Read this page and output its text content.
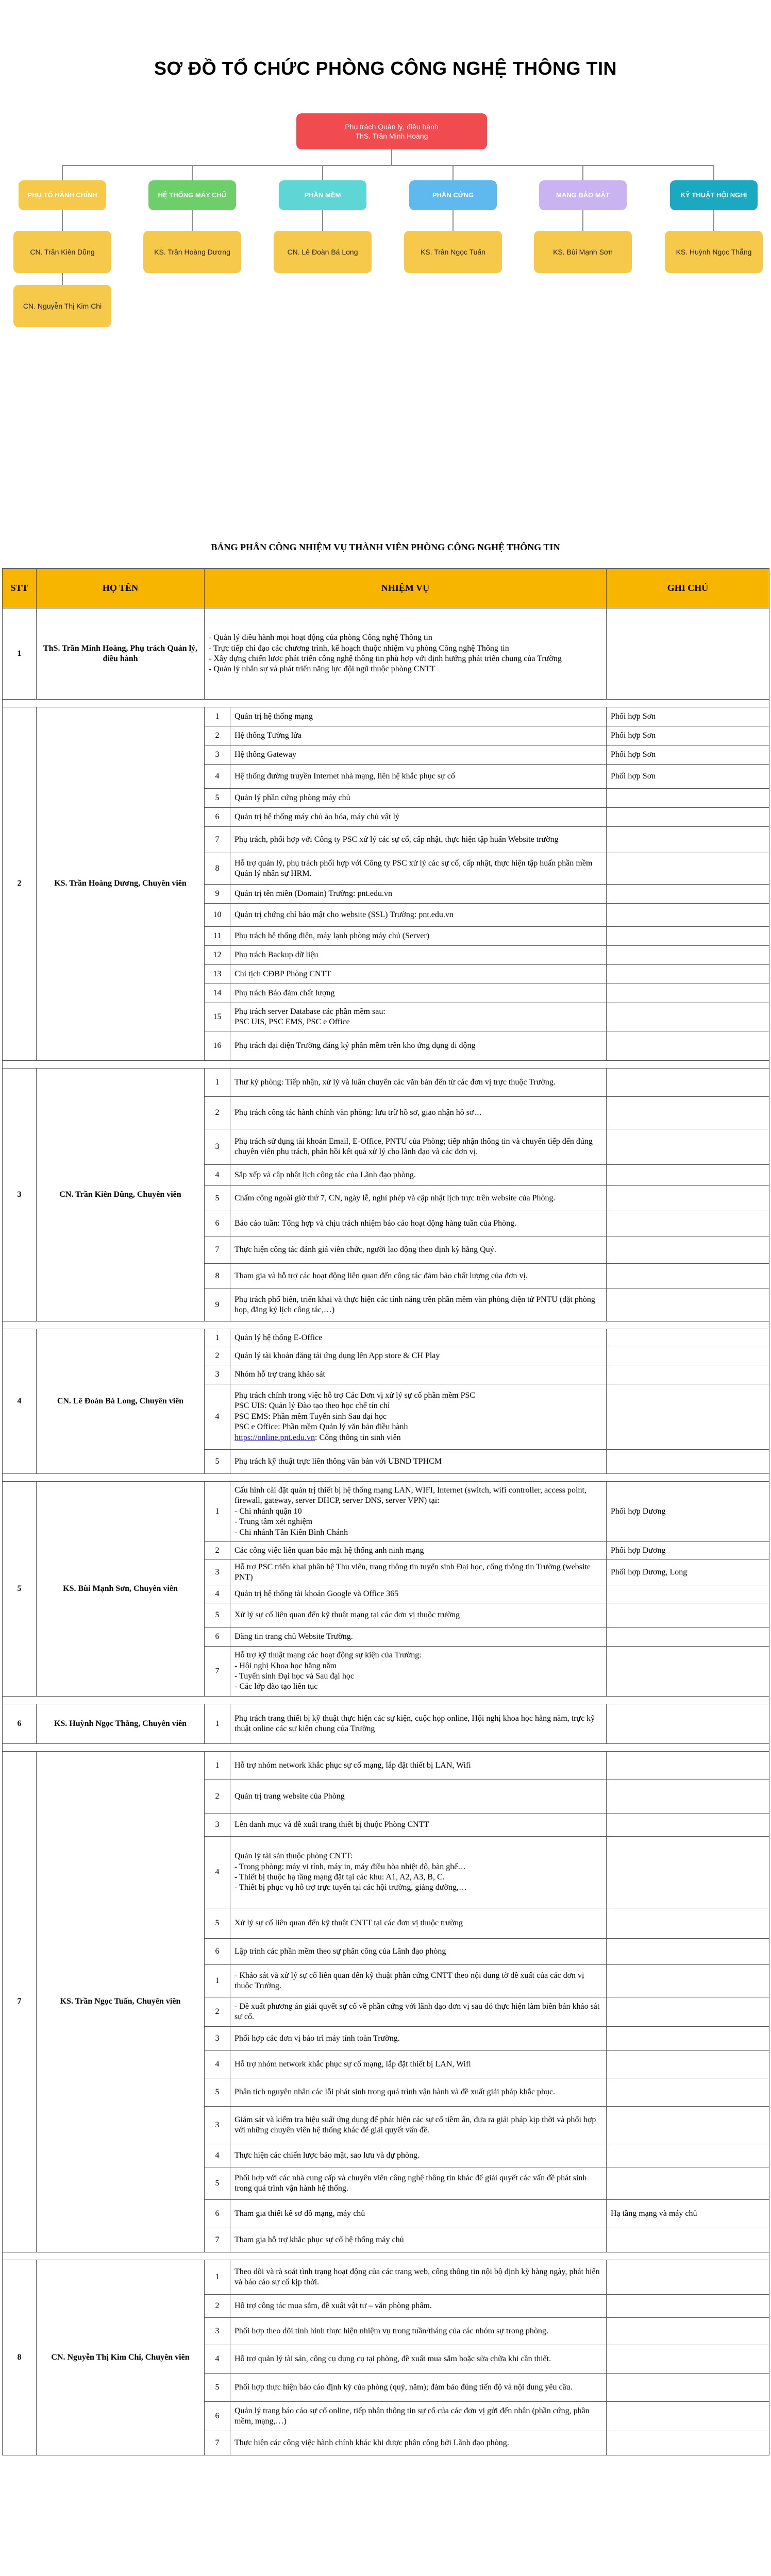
SƠ ĐỒ TỔ CHỨC PHÒNG CÔNG NGHỆ THÔNG TIN
Phụ trách Quản lý, điều hành
ThS. Trần Minh Hoàng
PHỤ TỐ HÀNH CHÍNH	HỆ THỐNG MÁY CHỦ	PHẦN MỀM	PHẦN CỨNG	MẠNG BẢO MẬT	KỸ THUẬT HỘI NGHỊ
CN. Trần Kiên Dũng
CN. Nguyễn Thị Kim Chi
KS. Trần Hoàng Dương	CN. Lê Đoàn Bá Long	KS. Trần Ngọc Tuấn	KS. Bùi Mạnh Sơn	KS. Huỳnh Ngọc Thắng
BẢNG PHÂN CÔNG NHIỆM VỤ THÀNH VIÊN PHÒNG CÔNG NGHỆ THÔNG TIN
STT	HỌ TÊN	NHIỆM VỤ		GHI CHÚ
1	ThS. Trần Minh Hoàng, Phụ trách Quản lý, điều hành	- Quản lý điều hành mọi hoạt động của phòng Công nghệ Thông tin
- Trực tiếp chỉ đạo các chương trình, kế hoạch thuộc nhiệm vụ phòng Công nghệ Thông tin
- Xây dựng chiến lược phát triển công nghệ thông tin phù hợp với định hướng phát triển chung của Trường
- Quản lý nhân sự và phát triển năng lực đội ngũ thuộc phòng CNTT		

2	KS. Trần Hoàng Dương, Chuyên viên	1	Quản trị hệ thống mạng	Phối hợp Sơn
		2	Hệ thống Tường lửa	Phối hợp Sơn
		3	Hệ thống Gateway	Phối hợp Sơn
		4	Hệ thống đường truyền Internet nhà mạng, liên hệ khắc phục sự cố	Phối hợp Sơn
		5	Quản lý phần cứng phòng máy chủ	
		6	Quản trị hệ thống máy chủ ảo hóa, máy chủ vật lý	
		7	Phụ trách, phối hợp với Công ty PSC xử lý các sự cố, cấp nhật, thực hiện tập huấn Website trường	
		8	Hỗ trợ quản lý, phụ trách phối hợp với Công ty PSC xử lý các sự cố, cấp nhật, thực hiện tập huấn phần mềm Quản lý nhân sự HRM.	
		9	Quản trị tên miền (Domain) Trường: pnt.edu.vn	
		10	Quản trị chứng chỉ bảo mật cho website (SSL) Trường: pnt.edu.vn	
		11	Phụ trách hệ thống điện, máy lạnh phòng máy chủ (Server)	
		12	Phụ trách Backup dữ liệu	
		13	Chỉ tịch CĐBP Phòng CNTT	
		14	Phụ trách Báo đảm chất lượng	
		15	Phụ trách server Database các phần mềm sau:
PSC UIS, PSC EMS, PSC e Office	
		16	Phụ trách đại diện Trường đăng ký phần mềm trên kho ứng dụng di động	

3	CN. Trần Kiên Dũng, Chuyên viên	1	Thư ký phòng: Tiếp nhận, xử lý và luân chuyển các văn bản đến từ các đơn vị trực thuộc Trường.	
		2	Phụ trách công tác hành chính văn phòng: lưu trữ hồ sơ, giao nhận hồ sơ…	
		3	Phụ trách sử dụng tài khoản Email, E-Office, PNTU của Phòng; tiếp nhận thông tin và chuyển tiếp đến đúng chuyên viên phụ trách, phản hồi kết quả xử lý cho lãnh đạo và các đơn vị.	
		4	Sắp xếp và cập nhật lịch công tác của Lãnh đạo phòng.	
		5	Chấm công ngoài giờ thứ 7, CN, ngày lễ, nghỉ phép và cập nhật lịch trực trên website của Phòng.	
		6	Báo cáo tuần: Tổng hợp và chịu trách nhiệm báo cáo hoạt động hàng tuần của Phòng.	
		7	Thực hiện công tác đánh giá viên chức, người lao động theo định kỳ hằng Quý.	
		8	Tham gia và hỗ trợ các hoạt động liên quan đến công tác đảm bảo chất lượng của đơn vị.	
		9	Phụ trách phổ biến, triển khai và thực hiện các tính năng trên phần mềm văn phòng điện tử PNTU (đặt phòng họp, đăng ký lịch công tác,…)	

4	CN. Lê Đoàn Bá Long, Chuyên viên	1	Quản lý hệ thống E-Office	
		2	Quản lý tài khoản đăng tải ứng dụng lên App store & CH Play	
		3	Nhóm hỗ trợ trang khảo sát	
		4	Phụ trách chính trong việc hỗ trợ Các Đơn vị xử lý sự cố phần mềm PSC
PSC UIS: Quản lý Đào tạo theo học chế tín chỉ
PSC EMS: Phần mềm Tuyển sinh Sau đại học
PSC e Office: Phần mềm Quản lý văn bản điều hành
https://online.pnt.edu.vn: Cổng thông tin sinh viên	
		5	Phụ trách kỹ thuật trực liên thông văn bản với UBND TPHCM	

5	KS. Bùi Mạnh Sơn, Chuyên viên	1	Cấu hình cài đặt quản trị thiết bị hệ thống mạng LAN, WIFI, Internet (switch, wifi controller, access point, firewall, gateway, server DHCP, server DNS, server VPN) tại:
- Chi nhánh quận 10
- Trung tâm xét nghiệm
- Chi nhánh Tân Kiên Bình Chánh	Phối hợp Dương
		2	Các công việc liên quan bảo mật hệ thống anh ninh mạng	Phối hợp Dương
		3	Hỗ trợ PSC triển khai phân hệ Thu viên, trang thông tin tuyển sinh Đại học, cổng thông tin Trường (website PNT)	Phối hợp Dương, Long
		4	Quản trị hệ thống tài khoản Google và Office 365	
		5	Xử lý sự cố liên quan đến kỹ thuật mạng tại các đơn vị thuộc trường	
		6	Đăng tin trang chủ Website Trường.	
		7	Hỗ trợ kỹ thuật mạng các hoạt động sự kiện của Trường:
- Hội nghị Khoa học hằng năm
- Tuyển sinh Đại học và Sau đại học
- Các lớp đào tạo liên tục	

6	KS. Huỳnh Ngọc Thắng, Chuyên viên	1	Phụ trách trang thiết bị kỹ thuật thực hiện các sự kiện, cuộc họp online, Hội nghị khoa học hằng năm, trực kỹ thuật online các sự kiện chung của Trường	

7	KS. Trần Ngọc Tuấn, Chuyên viên	1	Hỗ trợ nhóm network khắc phục sự cố mạng, lắp đặt thiết bị LAN, Wifi	
		2	Quản trị trang website của Phòng	
		3	Lên danh mục và đề xuất trang thiết bị thuộc Phòng CNTT	
		4	Quản lý tài sản thuộc phòng CNTT:
- Trong phòng: máy vi tính, máy in, máy điều hòa nhiệt độ, bàn ghế…
- Thiết bị thuộc hạ tầng mạng đặt tại các khu: A1, A2, A3, B, C.
- Thiết bị phục vụ hỗ trợ trực tuyến tại các hội trường, giảng đường,…	
		5	Xử lý sự cố liên quan đến kỹ thuật CNTT tại các đơn vị thuộc trường	
		6	Lập trình các phần mềm theo sự phân công của Lãnh đạo phòng	
		1	- Khảo sát và xử lý sự cố liên quan đến kỹ thuật phần cứng CNTT theo nội dung tờ đề xuất của các đơn vị thuộc Trường.	
		2	- Đề xuất phương án giải quyết sự cố về phần cứng với lãnh đạo đơn vị sau đó thực hiện làm biên bản khảo sát sự cố.	
		3	Phối hợp các đơn vị bảo trì máy tính toàn Trường.	
		4	Hỗ trợ nhóm network khắc phục sự cố mạng, lắp đặt thiết bị LAN, Wifi	
		5	Phân tích nguyên nhân các lỗi phát sinh trong quá trình vận hành và đề xuất giải pháp khắc phục.	
		3	Giám sát và kiểm tra hiệu suất ứng dụng để phát hiện các sự cố tiềm ẩn, đưa ra giải pháp kịp thời và phối hợp với những chuyên viên hệ thống khác để giải quyết vấn đề.	
		4	Thực hiện các chiến lược bảo mật, sao lưu và dự phòng.	
		5	Phối hợp với các nhà cung cấp và chuyên viên công nghệ thông tin khác để giải quyết các vấn đề phát sinh trong quá trình vận hành hệ thống.	
		6	Tham gia thiết kế sơ đồ mạng, máy chủ	Hạ tầng mạng và máy chủ
		7	Tham gia hỗ trợ khắc phục sự cố hệ thống máy chủ	

8	CN. Nguyễn Thị Kim Chi, Chuyên viên	1	Theo dõi và rà soát tình trạng hoạt động của các trang web, cổng thông tin nội bộ định kỳ hàng ngày, phát hiện và báo cáo sự cố kịp thời.	
		2	Hỗ trợ công tác mua sắm, đề xuất vật tư – văn phòng phẩm.	
		3	Phối hợp theo dõi tình hình thực hiện nhiệm vụ trong tuần/tháng của các nhóm sự trong phòng.	
		4	Hỗ trợ quản lý tài sản, công cụ dụng cụ tại phòng, đề xuất mua sắm hoặc sửa chữa khi cần thiết.	
		5	Phối hợp thực hiện báo cáo định kỳ của phòng (quý, năm); đảm bảo đúng tiến độ và nội dung yêu cầu.	
		6	Quản lý trang báo cáo sự cố online, tiếp nhận thông tin sự cố của các đơn vị gửi đến nhân (phần cứng, phần mềm, mạng,…)	
		7	Thực hiện các công việc hành chính khác khi được phân công bởi Lãnh đạo phòng.	
